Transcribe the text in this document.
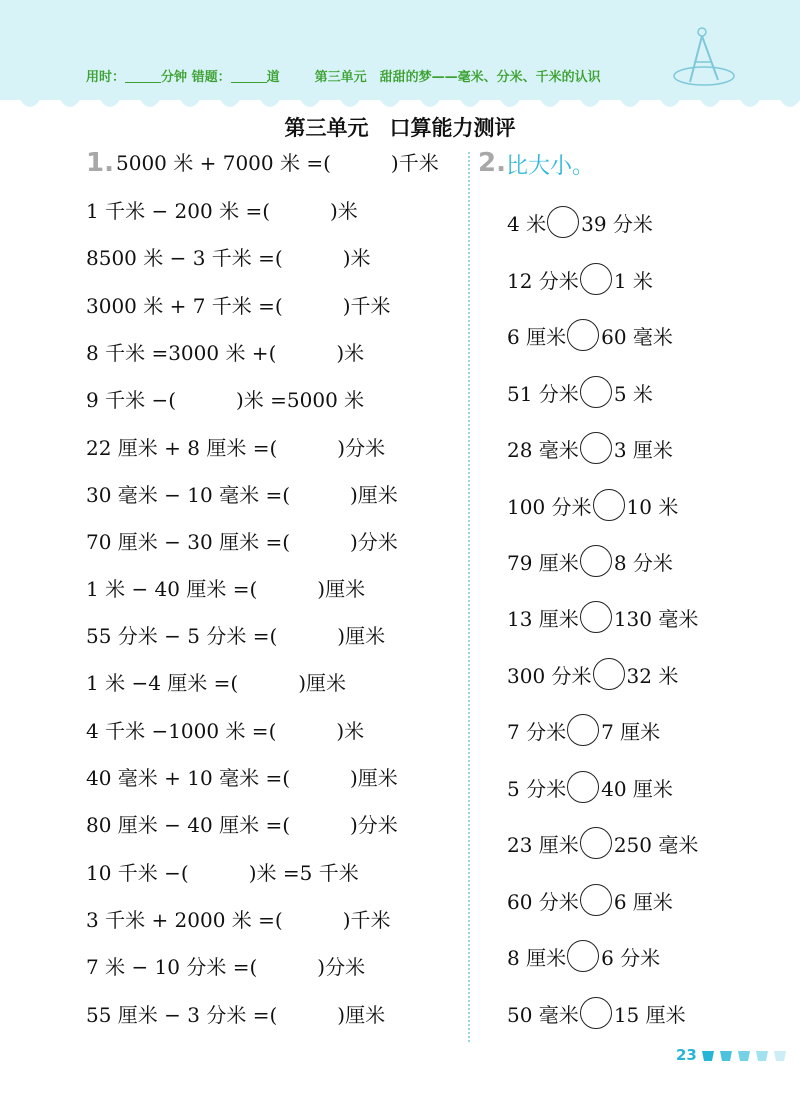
用时：	分钟 错题：	道	第三单元　甜甜的梦——毫米、分米、千米的认识
第三单元　口算能力测评
1. 5000 米 + 7000 米 =(　　　)千米
1 千米 − 200 米 =(　　　)米
8500 米 − 3 千米 =(　　　)米
3000 米 + 7 千米 =(　　　)千米
8 千米 =3000 米 +(　　　)米
9 千米 −(　　　)米 =5000 米
22 厘米 + 8 厘米 =(　　　)分米
30 毫米 − 10 毫米 =(　　　)厘米
70 厘米 − 30 厘米 =(　　　)分米
1 米 − 40 厘米 =(　　　)厘米
55 分米 − 5 分米 =(　　　)厘米
1 米 −4 厘米 =(　　　)厘米
4 千米 −1000 米 =(　　　)米
40 毫米 + 10 毫米 =(　　　)厘米
80 厘米 − 40 厘米 =(　　　)分米
10 千米 −(　　　)米 =5 千米
3 千米 + 2000 米 =(　　　)千米
7 米 − 10 分米 =(　　　)分米
55 厘米 − 3 分米 =(　　　)厘米
2. 比大小。
4 米 39 分米
12 分米 1 米
6 厘米 60 毫米
51 分米 5 米
28 毫米 3 厘米
100 分米 10 米
79 厘米 8 分米
13 厘米 130 毫米
300 分米 32 米
7 分米 7 厘米
5 分米 40 厘米
23 厘米 250 毫米
60 分米 6 厘米
8 厘米 6 分米
50 毫米 15 厘米
23
